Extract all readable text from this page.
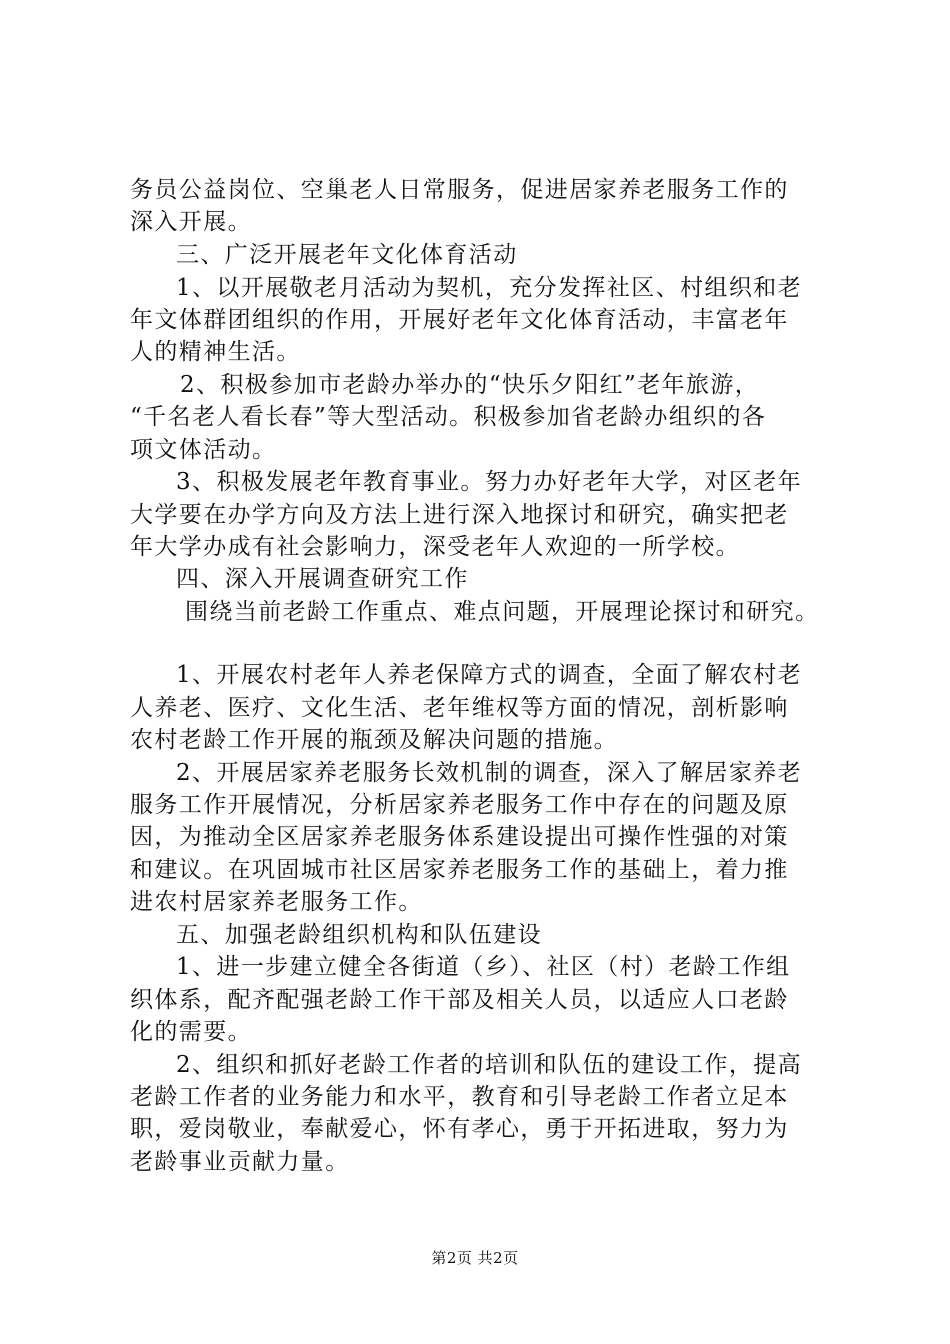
务员公益岗位、空巢老人日常服务，促进居家养老服务工作的
深入开展。
三、广泛开展老年文化体育活动
1、以开展敬老月活动为契机，充分发挥社区、村组织和老
年文体群团组织的作用，开展好老年文化体育活动，丰富老年
人的精神生活。
2、积极参加市老龄办举办的“快乐夕阳红”老年旅游，
“千名老人看长春”等大型活动。积极参加省老龄办组织的各
项文体活动。
3、积极发展老年教育事业。努力办好老年大学，对区老年
大学要在办学方向及方法上进行深入地探讨和研究，确实把老
年大学办成有社会影响力，深受老年人欢迎的一所学校。
四、深入开展调查研究工作
围绕当前老龄工作重点、难点问题，开展理论探讨和研究。
1、开展农村老年人养老保障方式的调查，全面了解农村老
人养老、医疗、文化生活、老年维权等方面的情况，剖析影响
农村老龄工作开展的瓶颈及解决问题的措施。
2、开展居家养老服务长效机制的调查，深入了解居家养老
服务工作开展情况，分析居家养老服务工作中存在的问题及原
因，为推动全区居家养老服务体系建设提出可操作性强的对策
和建议。在巩固城市社区居家养老服务工作的基础上，着力推
进农村居家养老服务工作。
五、加强老龄组织机构和队伍建设
1、进一步建立健全各街道（乡）、社区（村）老龄工作组
织体系，配齐配强老龄工作干部及相关人员，以适应人口老龄
化的需要。
2、组织和抓好老龄工作者的培训和队伍的建设工作，提高
老龄工作者的业务能力和水平，教育和引导老龄工作者立足本
职，爱岗敬业，奉献爱心，怀有孝心，勇于开拓进取，努力为
老龄事业贡献力量。
第2页 共2页
